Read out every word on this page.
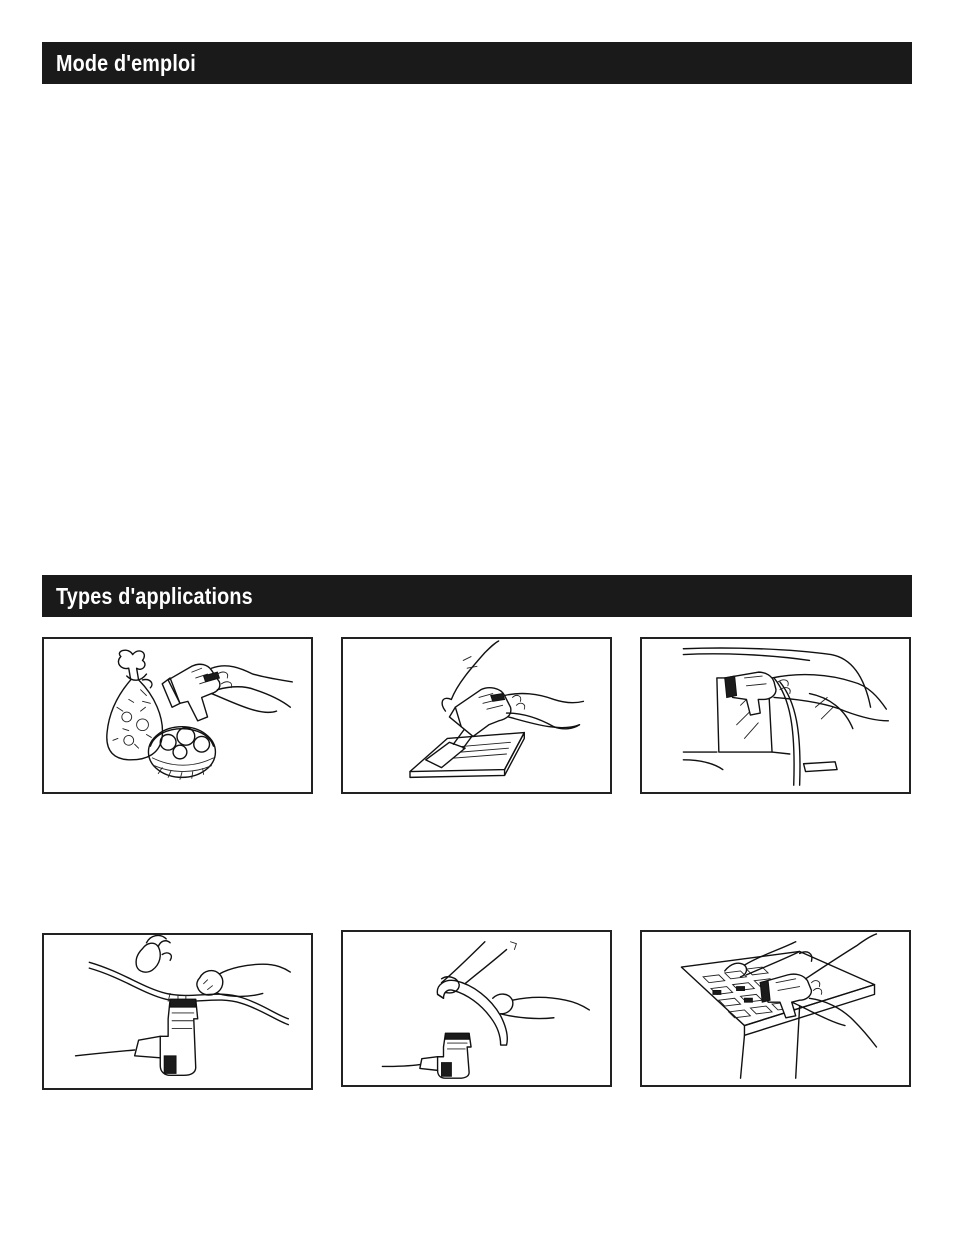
Mode d'emploi
Types d'applications
